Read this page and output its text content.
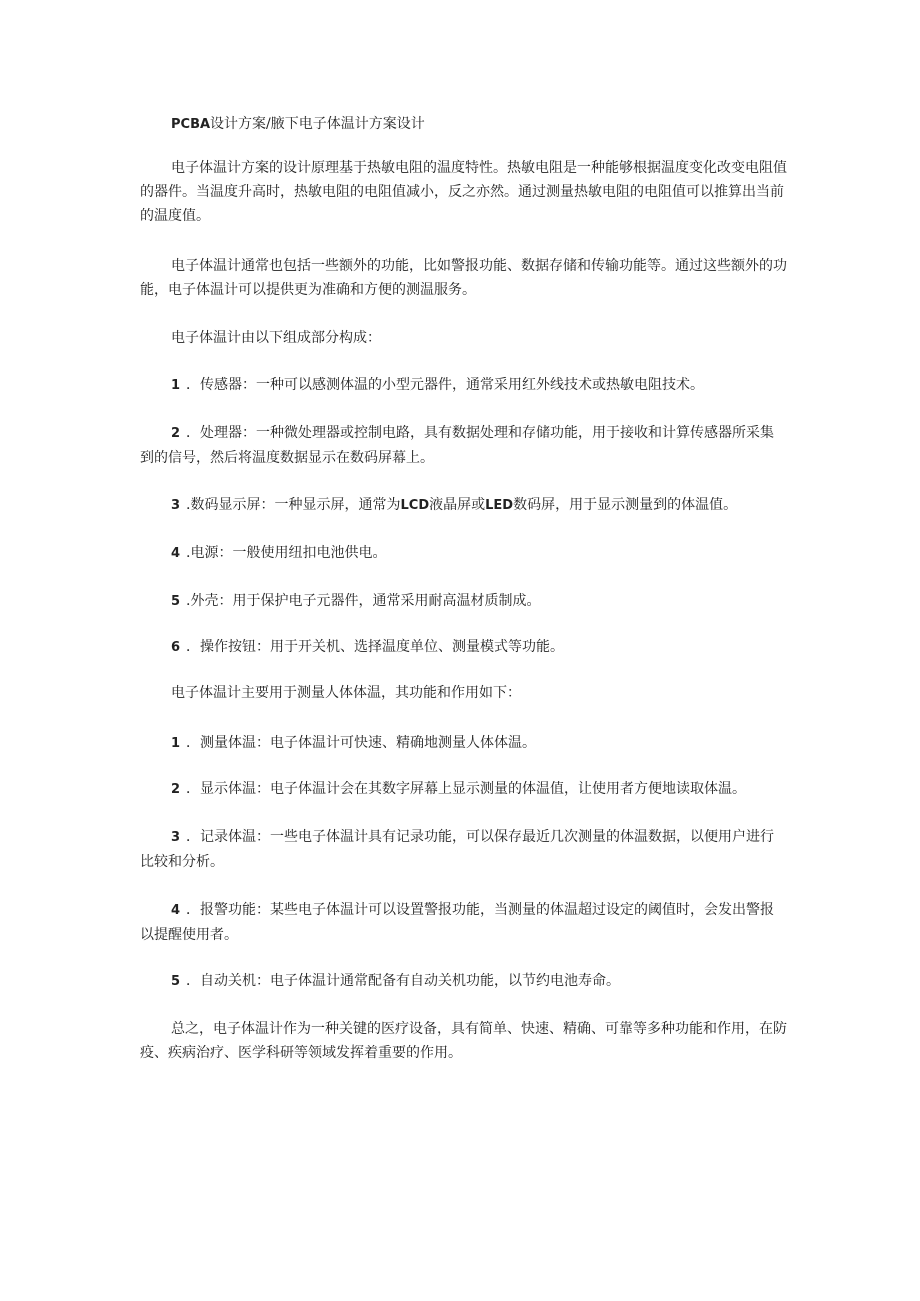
PCBA设计方案/腋下电子体温计方案设计

电子体温计方案的设计原理基于热敏电阻的温度特性。热敏电阻是一种能够根据温度变化改变电阻值的器件。当温度升高时，热敏电阻的电阻值减小，反之亦然。通过测量热敏电阻的电阻值可以推算出当前的温度值。

电子体温计通常也包括一些额外的功能，比如警报功能、数据存储和传输功能等。通过这些额外的功能，电子体温计可以提供更为准确和方便的测温服务。

电子体温计由以下组成部分构成：

1 ．传感器：一种可以感测体温的小型元器件，通常采用红外线技术或热敏电阻技术。

2 ．处理器：一种微处理器或控制电路，具有数据处理和存储功能，用于接收和计算传感器所采集到的信号，然后将温度数据显示在数码屏幕上。

3 .数码显示屏：一种显示屏，通常为LCD液晶屏或LED数码屏，用于显示测量到的体温值。

4 .电源：一般使用纽扣电池供电。

5 .外壳：用于保护电子元器件，通常采用耐高温材质制成。

6 ．操作按钮：用于开关机、选择温度单位、测量模式等功能。

电子体温计主要用于测量人体体温，其功能和作用如下：

1 ．测量体温：电子体温计可快速、精确地测量人体体温。

2 ．显示体温：电子体温计会在其数字屏幕上显示测量的体温值，让使用者方便地读取体温。

3 ．记录体温：一些电子体温计具有记录功能，可以保存最近几次测量的体温数据，以便用户进行比较和分析。

4 ．报警功能：某些电子体温计可以设置警报功能，当测量的体温超过设定的阈值时，会发出警报以提醒使用者。

5 ．自动关机：电子体温计通常配备有自动关机功能，以节约电池寿命。

总之，电子体温计作为一种关键的医疗设备，具有简单、快速、精确、可靠等多种功能和作用，在防疫、疾病治疗、医学科研等领域发挥着重要的作用。
